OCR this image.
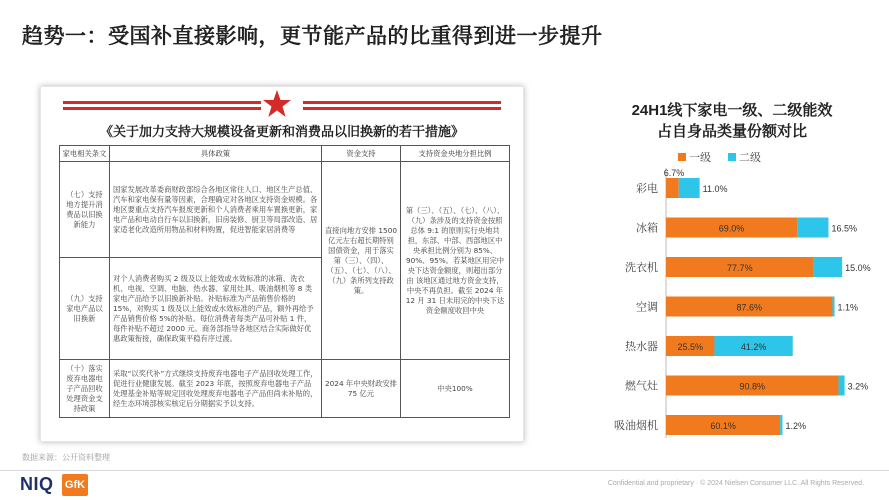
趋势一：受国补直接影响，更节能产品的比重得到进一步提升
《关于加力支持大规模设备更新和消费品以旧换新的若干措施》
家电相关条文	具体政策	资金支持	支持资金央地分担比例
（七）支持地方提升消费品以旧换新能力	国家发展改革委商财政部综合各地区常住人口、地区生产总值、汽车和家电保有量等因素，合理确定对各地区支持资金规模。各地区要重点支持汽车报废更新和个人消费者乘用车置换更新，家电产品和电动自行车以旧换新，旧房装修、厨卫等局部改造、居家适老化改造所用物品和材料购置，促进智能家居消费等	直接向地方安排 1500 亿元左右超长期特别国债资金，用于落实第（三）、（四）、（五）、（七）、（八）、（九）条所列支持政策。	第（三）、（五）、（七）、（八）、（九）条涉及的支持资金按照总体 9:1 的原则实行央地共担，东部、中部、西部地区中央承担比例分别为 85%、90%、95%。若某地区用完中央下达资金额度，则超出部分由 该地区通过地方资金支持，中央不再负担。截至 2024 年 12 月 31 日未用完的中央下达资金额度收回中央
（九）支持家电产品以旧换新	对个人消费者购买 2 级及以上能效或水效标准的冰箱、洗衣机、电视、空调、电脑、热水器、家用灶具、吸油烟机等 8 类家电产品给予以旧换新补贴。补贴标准为产品销售价格的 15%，对购买 1 级及以上能效或水效标准的产品，额外再给予产品销售价格 5%的补贴。每位消费者每类产品可补贴 1 件，每件补贴不超过 2000 元。商务部指导各地区结合实际做好优惠政策衔接，确保政策平稳有序过渡。		
（十）落实废弃电器电子产品回收处理资金支持政策	采取“以奖代补”方式继续支持废弃电器电子产品回收处理工作，促进行业健康发展。截至 2023 年底，按照废弃电器电子产品处理基金补贴等规定回收处理废弃电器电子产品但尚未补贴的，经生态环境部核实核定后分期据实予以支持。	2024 年中央财政安排 75 亿元	中央100%
24H1线下家电一级、二级能效
占自身品类量份额对比
一级	二级
彩电
6.7%
11.0%
冰箱	69.0%	16.5%
洗衣机	77.7%	15.0%
空调	87.6%	1.1%
热水器 25.5%	41.2%
燃气灶	90.8%	3.2%
吸油烟机	60.1%	1.2%
数据来源：公开资料整理
NIQ GfK	Confidential and proprietary · © 2024 Nielsen Consumer LLC. All Rights Reserved.
